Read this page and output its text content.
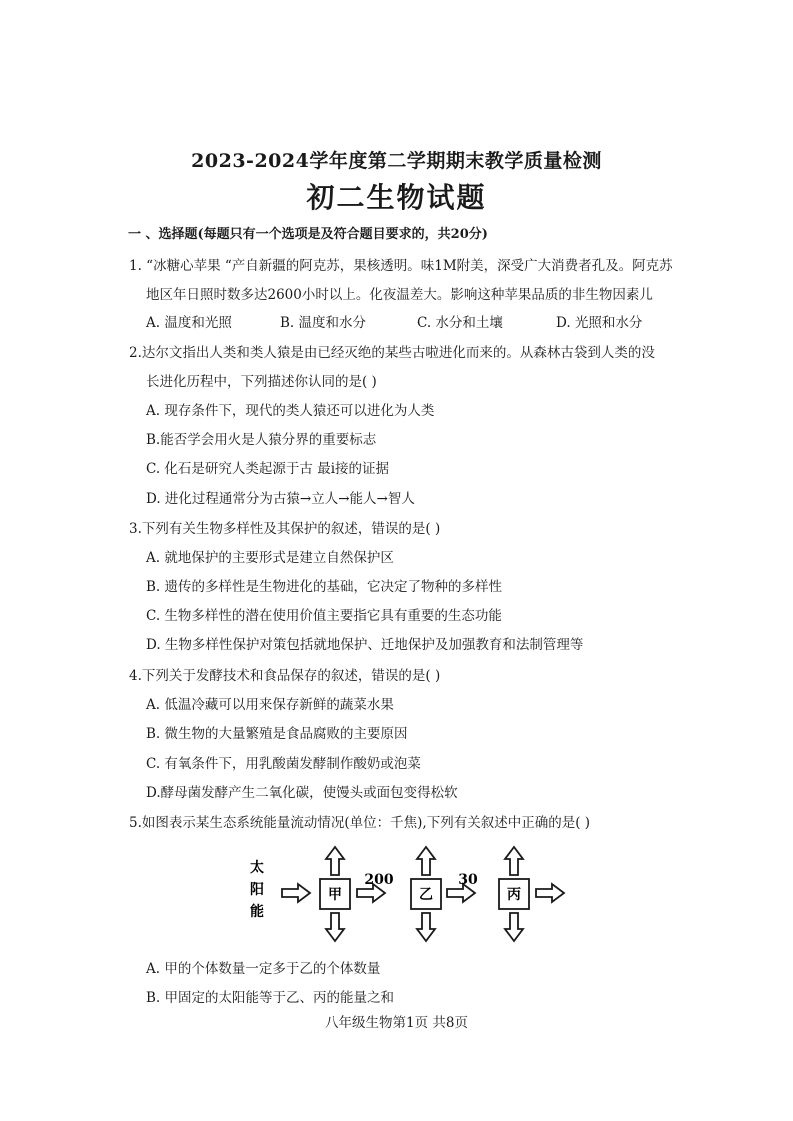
2023-2024学年度第二学期期末教学质量检测
初二生物试题
一 、选择题(每题只有一个选项是及符合题目要求的，共20分)
1. “冰糖心苹果 “产自新疆的阿克苏，果核透明。味1M附美，深受广大消费者孔及。阿克苏
地区年日照时数多达2600小时以上。化夜温差大。影响这种苹果品质的非生物因素儿
A. 温度和光照	B. 温度和水分	C. 水分和土壤	D. 光照和水分
2.达尔文指出人类和类人猿是由已经灭绝的某些古啦进化而来的。从森林古袋到人类的没
长进化历程中，下列描述你认同的是( )
A. 现存条件下，现代的类人猿还可以进化为人类
B.能否学会用火是人猿分界的重要标志
C. 化石是研究人类起源于古 最i接的证据
D. 进化过程通常分为古猿→立人→能人→智人
3.下列有关生物多样性及其保护的叙述，错误的是( )
A. 就地保护的主要形式是建立自然保护区
B. 遗传的多样性是生物进化的基础，它决定了物种的多样性
C. 生物多样性的潜在使用价值主要指它具有重要的生态功能
D. 生物多样性保护对策包括就地保护、迁地保护及加强教育和法制管理等
4.下列关于发酵技术和食品保存的叙述，错误的是( )
A. 低温冷藏可以用来保存新鲜的蔬菜水果
B. 微生物的大量繁殖是食品腐败的主要原因
C. 有氧条件下，用乳酸菌发酵制作酸奶或泡菜
D.酵母菌发酵产生二氧化碳，使馒头或面包变得松软
5.如图表示某生态系统能量流动情况(单位：千焦),下列有关叙述中正确的是( )
太
阳
能
甲	乙	丙
200	30
A. 甲的个体数量一定多于乙的个体数量
B. 甲固定的太阳能等于乙、丙的能量之和
八年级生物第1页 共8页
